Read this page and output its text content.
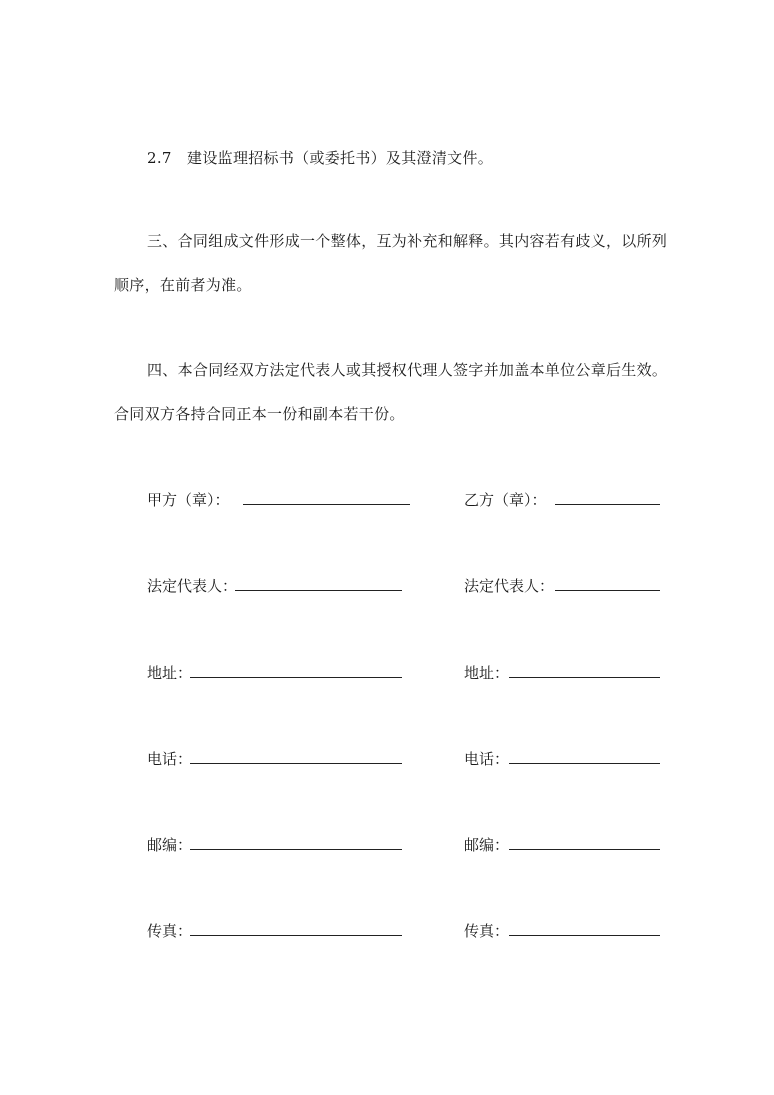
2.7　建设监理招标书（或委托书）及其澄清文件。
三、合同组成文件形成一个整体，互为补充和解释。其内容若有歧义，以所列
顺序，在前者为准。
四、本合同经双方法定代表人或其授权代理人签字并加盖本单位公章后生效。
合同双方各持合同正本一份和副本若干份。
甲方（章）：	乙方（章）：
法定代表人：	法定代表人：
地址：	地址：
电话：	电话：
邮编：	邮编：
传真：	传真：
